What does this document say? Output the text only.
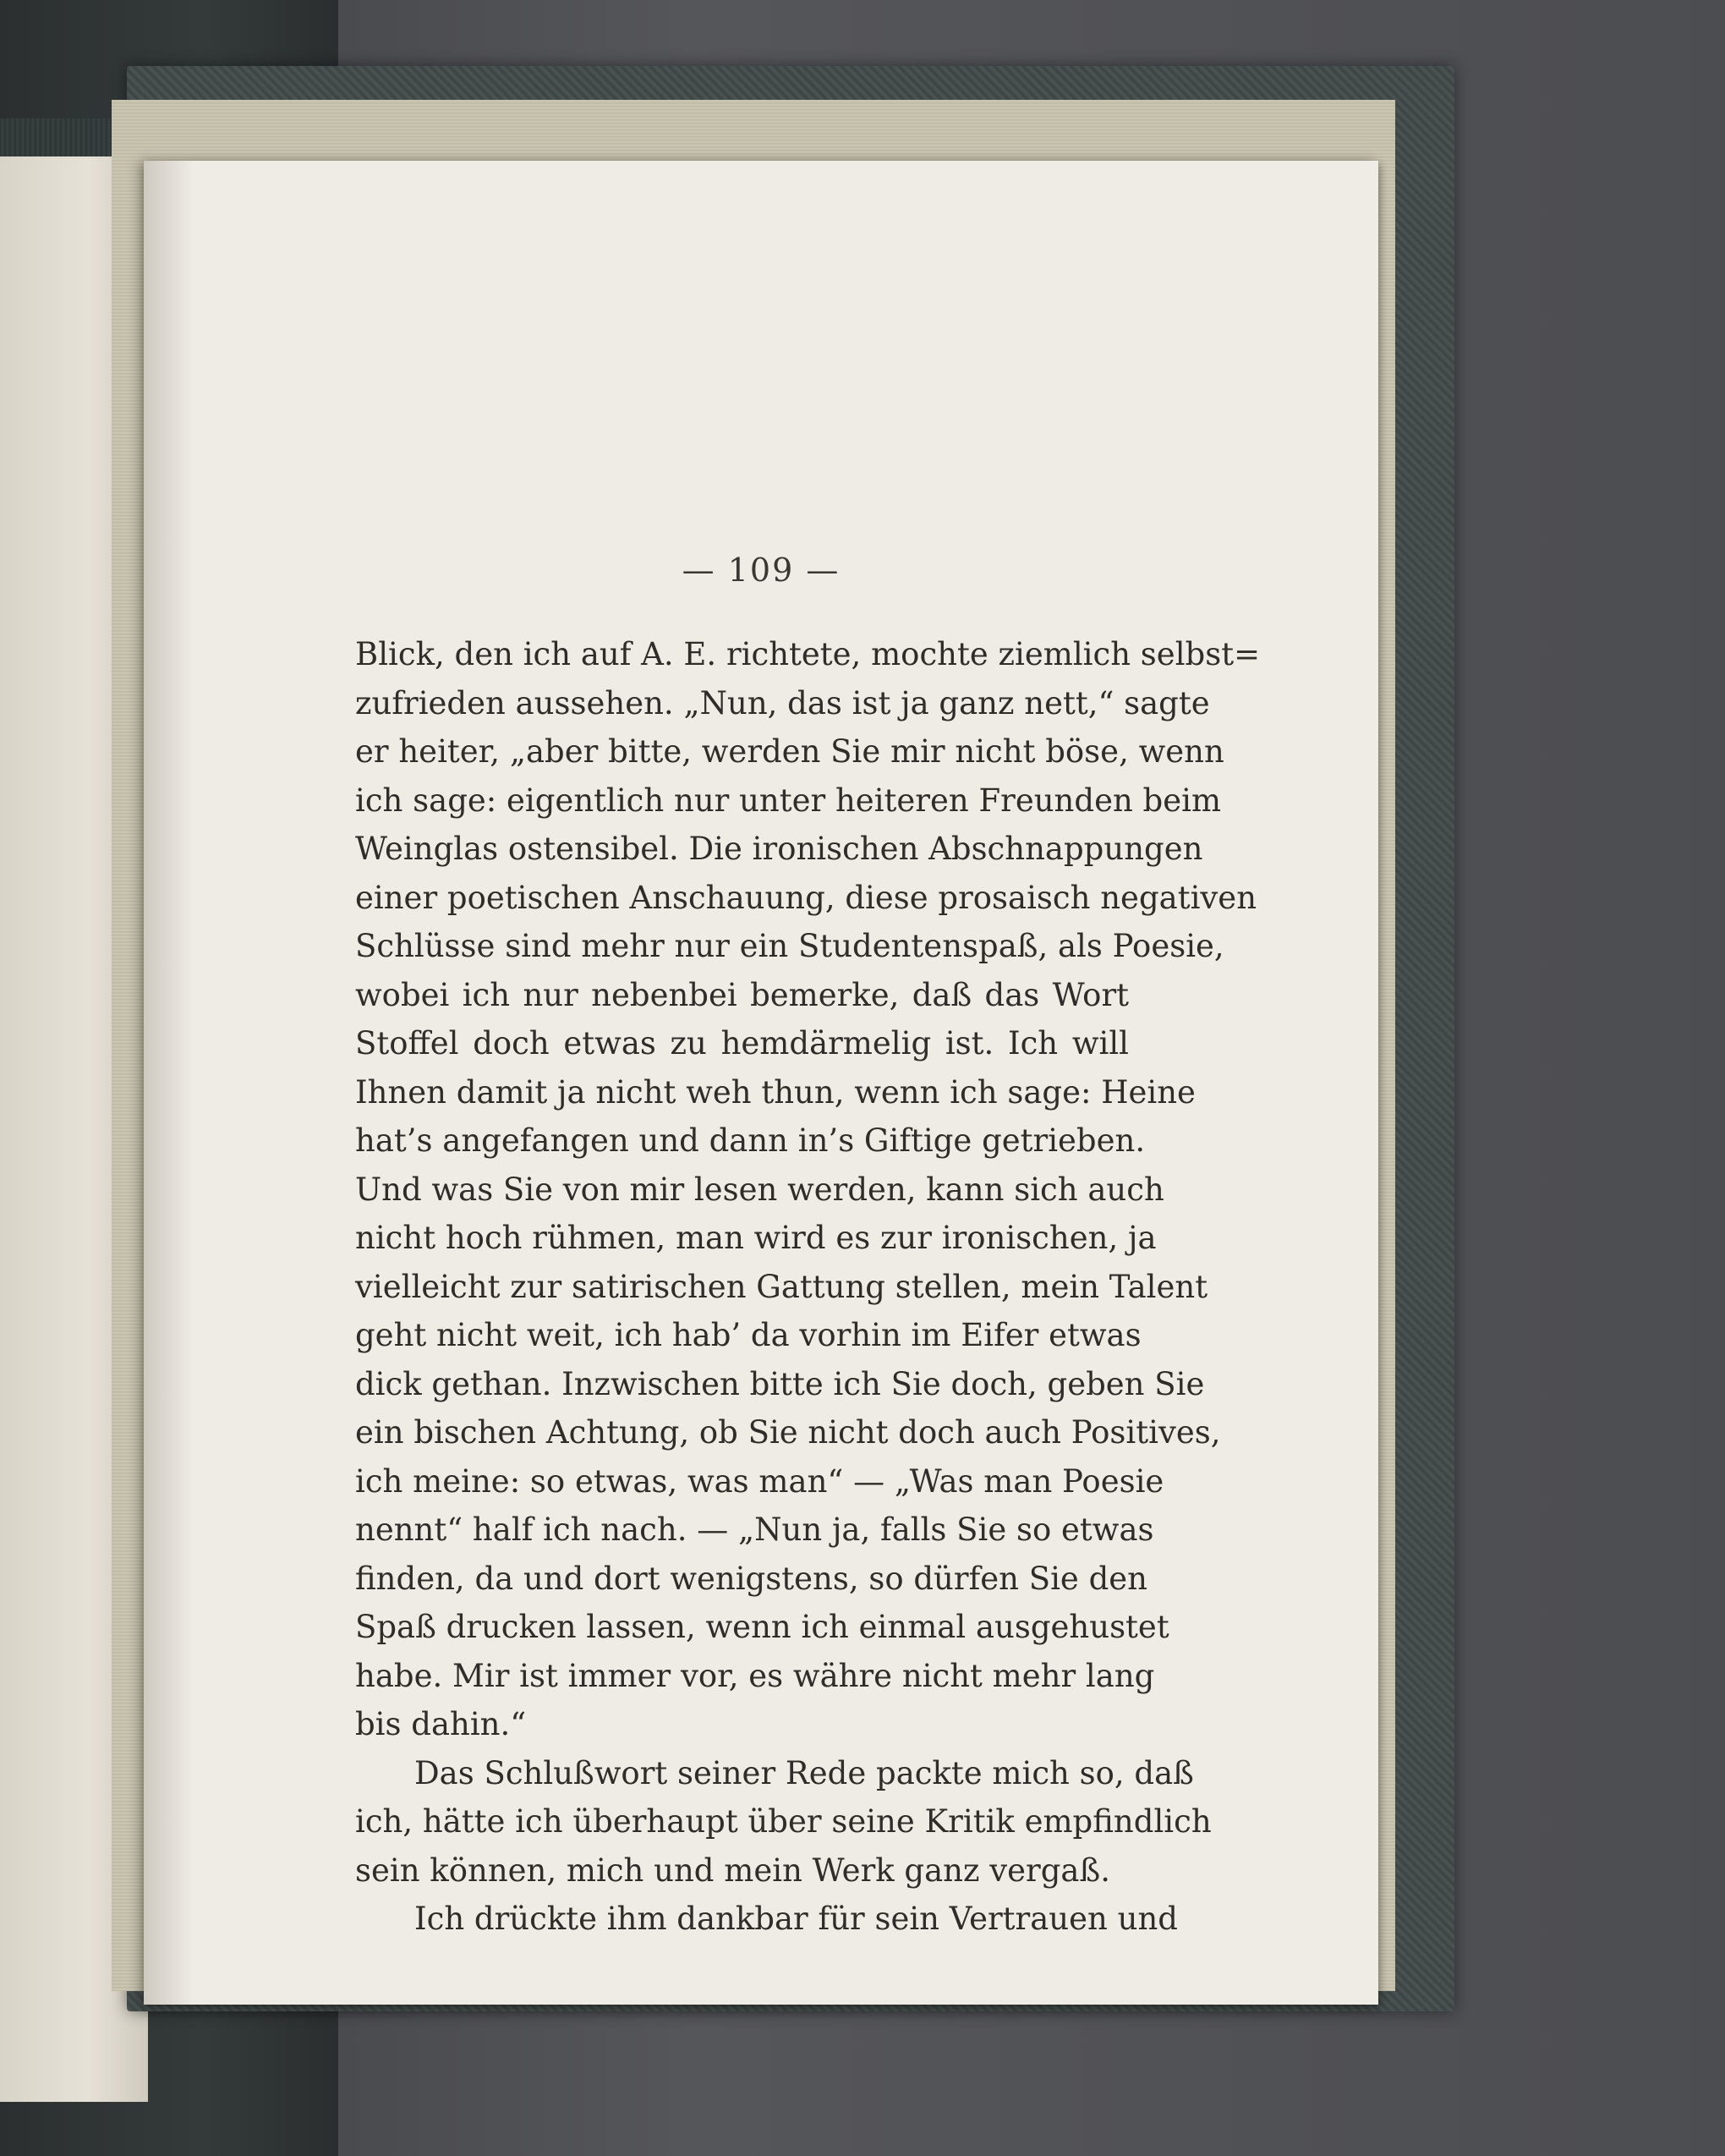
— 109 —
Blick, den ich auf A. E. richtete, mochte ziemlich selbst=
zufrieden aussehen. „Nun, das ist ja ganz nett,“ sagte
er heiter, „aber bitte, werden Sie mir nicht böse, wenn
ich sage: eigentlich nur unter heiteren Freunden beim
Weinglas ostensibel. Die ironischen Abschnappungen
einer poetischen Anschauung, diese prosaisch negativen
Schlüsse sind mehr nur ein Studentenspaß, als Poesie,
wobei ich nur nebenbei bemerke, daß das Wort
Stoffel doch etwas zu hemdärmelig ist. Ich will
Ihnen damit ja nicht weh thun, wenn ich sage: Heine
hat’s angefangen und dann in’s Giftige getrieben.
Und was Sie von mir lesen werden, kann sich auch
nicht hoch rühmen, man wird es zur ironischen, ja
vielleicht zur satirischen Gattung stellen, mein Talent
geht nicht weit, ich hab’ da vorhin im Eifer etwas
dick gethan. Inzwischen bitte ich Sie doch, geben Sie
ein bischen Achtung, ob Sie nicht doch auch Positives,
ich meine: so etwas, was man“ — „Was man Poesie
nennt“ half ich nach. — „Nun ja, falls Sie so etwas
finden, da und dort wenigstens, so dürfen Sie den
Spaß drucken lassen, wenn ich einmal ausgehustet
habe. Mir ist immer vor, es währe nicht mehr lang
bis dahin.“
Das Schlußwort seiner Rede packte mich so, daß
ich, hätte ich überhaupt über seine Kritik empfindlich
sein können, mich und mein Werk ganz vergaß.
Ich drückte ihm dankbar für sein Vertrauen und
